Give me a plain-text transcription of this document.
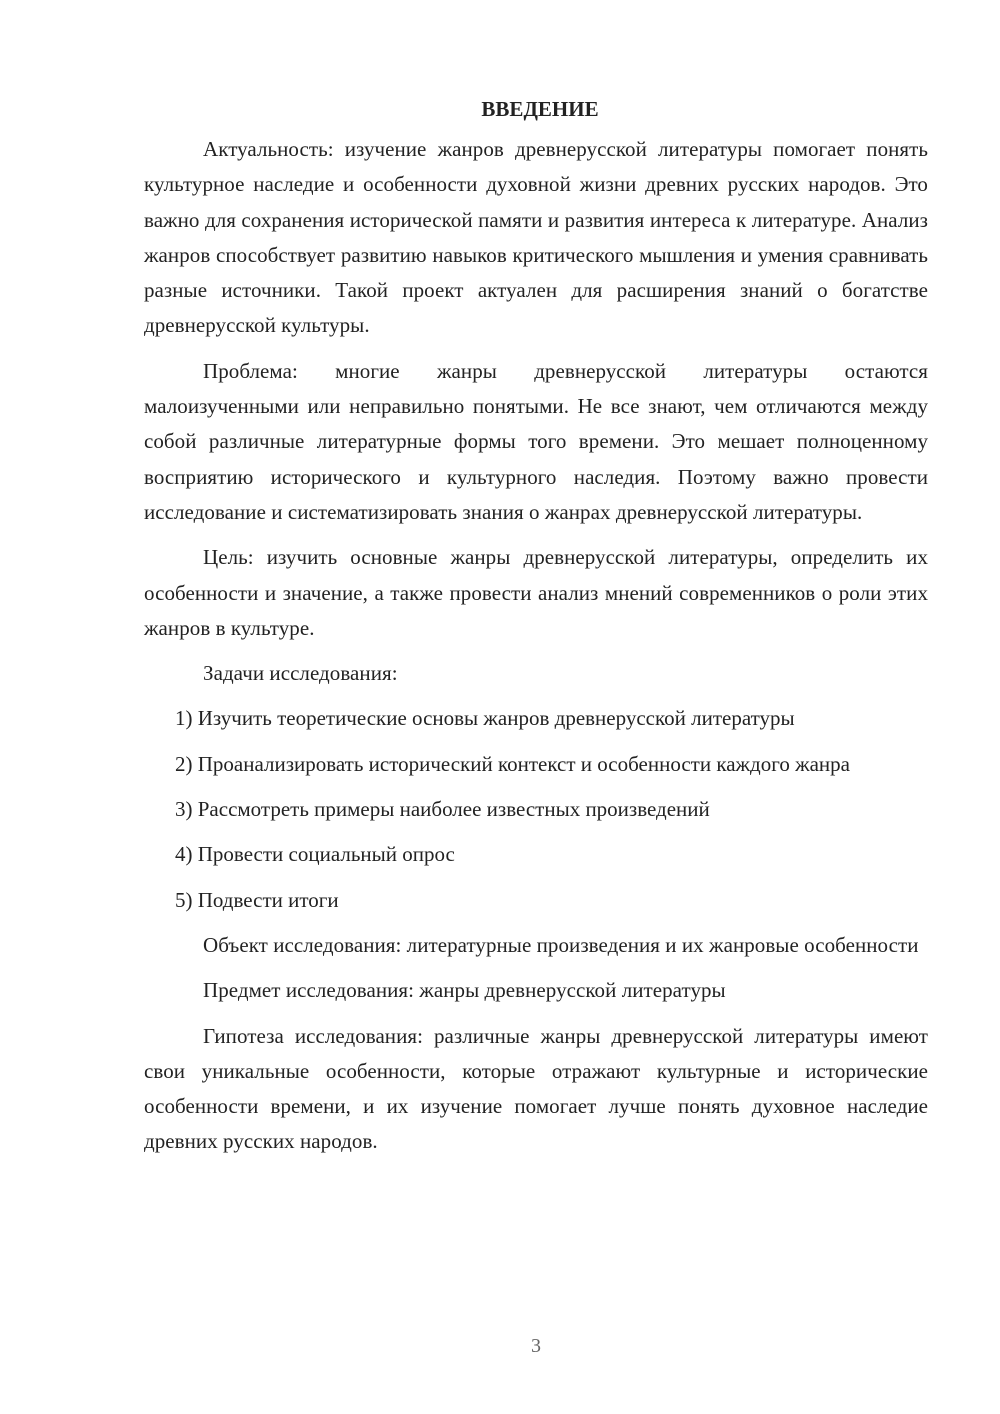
ВВЕДЕНИЕ

Актуальность: изучение жанров древнерусской литературы помогает понять культурное наследие и особенности духовной жизни древних русских народов. Это важно для сохранения исторической памяти и развития интереса к литературе. Анализ жанров способствует развитию навыков критического мышления и умения сравнивать разные источники. Такой проект актуален для расширения знаний о богатстве древнерусской культуры.

Проблема: многие жанры древнерусской литературы остаются малоизученными или неправильно понятыми. Не все знают, чем отличаются между собой различные литературные формы того времени. Это мешает полноценному восприятию исторического и культурного наследия. Поэтому важно провести исследование и систематизировать знания о жанрах древнерусской литературы.

Цель: изучить основные жанры древнерусской литературы, определить их особенности и значение, а также провести анализ мнений современников о роли этих жанров в культуре.

Задачи исследования:

1) Изучить теоретические основы жанров древнерусской литературы

2) Проанализировать исторический контекст и особенности каждого жанра

3) Рассмотреть примеры наиболее известных произведений

4) Провести социальный опрос

5) Подвести итоги

Объект исследования: литературные произведения и их жанровые особенности

Предмет исследования: жанры древнерусской литературы

Гипотеза исследования: различные жанры древнерусской литературы имеют свои уникальные особенности, которые отражают культурные и исторические особенности времени, и их изучение помогает лучше понять духовное наследие древних русских народов.

3
